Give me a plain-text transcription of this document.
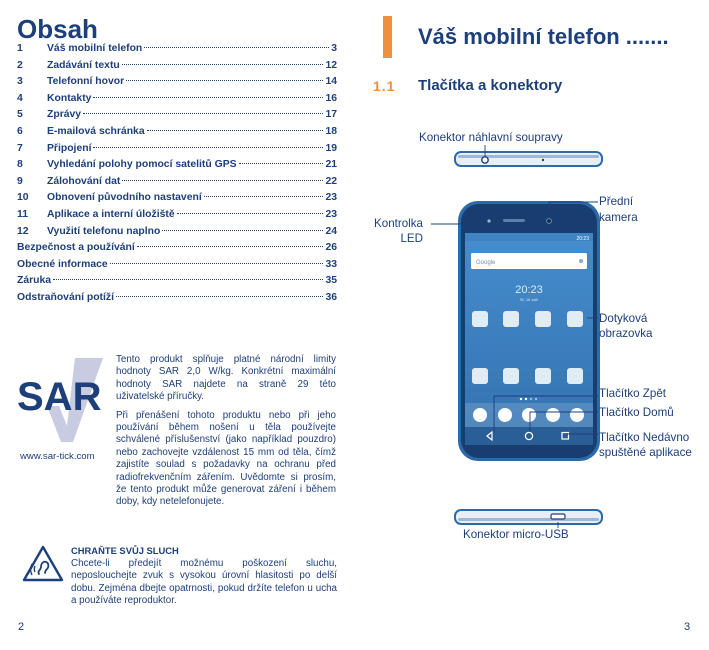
Obsah
1	Váš mobilní telefon	3
2	Zadávání textu	12
3	Telefonní hovor	14
4	Kontakty	16
5	Zprávy	17
6	E-mailová schránka	18
7	Připojení	19
8	Vyhledání polohy pomocí satelitů GPS	21
9	Zálohování dat	22
10	Obnovení původního nastavení	23
11	Aplikace a interní úložiště	23
12	Využití telefonu naplno	24
Bezpečnost a používání	26
Obecné informace	33
Záruka	35
Odstraňování potíží	36
SAR
www.sar-tick.com

Tento produkt splňuje platné národní limity hodnoty SAR 2,0 W/kg. Konkrétní maximální hodnoty SAR najdete na straně 29 této uživatelské příručky.

Při přenášení tohoto produktu nebo při jeho používání během nošení u těla používejte schválené příslušenství (jako například pouzdro) nebo zachovejte vzdálenost 15 mm od těla, čímž zajistíte soulad s požadavky na ochranu před radiofrekvenčním zářením. Uvědomte si prosím, že tento produkt může generovat záření i během doby, kdy netelefonujete.

CHRAŇTE SVŮJ SLUCH
Chcete-li předejít možnému poškození sluchu, neposlouchejte zvuk s vysokou úrovní hlasitosti po delší dobu. Zejména dbejte opatrnosti, pokud držíte telefon u ucha a používáte reproduktor.
2
Váš mobilní telefon .......
1.1 Tlačítka a konektory
20:23
Google
20:23
St, 16 září
Konektor náhlavní soupravy
Kontrolka
LED
Přední
kamera
Dotyková
obrazovka
Tlačítko Zpět
Tlačítko Domů
Tlačítko Nedávno
spuštěné aplikace
Konektor micro-USB
3
